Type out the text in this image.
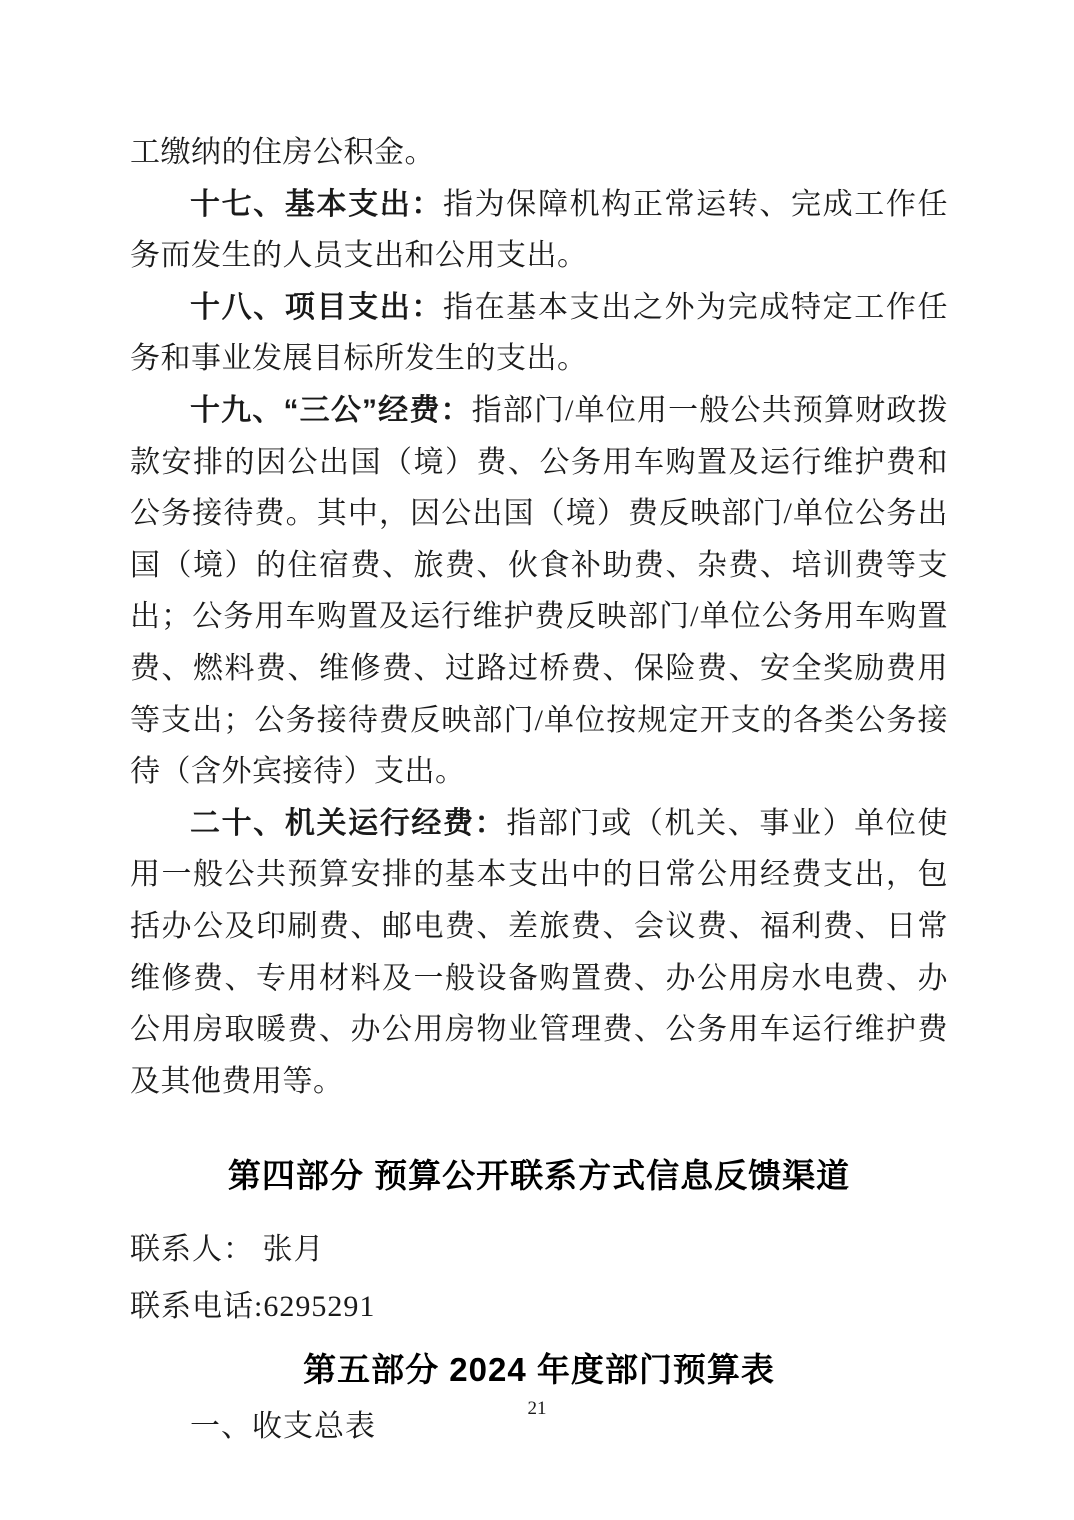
工缴纳的住房公积金。

十七、基本支出：指为保障机构正常运转、完成工作任务而发生的人员支出和公用支出。

十八、项目支出：指在基本支出之外为完成特定工作任务和事业发展目标所发生的支出。

十九、“三公”经费：指部门/单位用一般公共预算财政拨款安排的因公出国（境）费、公务用车购置及运行维护费和公务接待费。其中，因公出国（境）费反映部门/单位公务出国（境）的住宿费、旅费、伙食补助费、杂费、培训费等支出；公务用车购置及运行维护费反映部门/单位公务用车购置费、燃料费、维修费、过路过桥费、保险费、安全奖励费用等支出；公务接待费反映部门/单位按规定开支的各类公务接待（含外宾接待）支出。

二十、机关运行经费：指部门或（机关、事业）单位使用一般公共预算安排的基本支出中的日常公用经费支出，包括办公及印刷费、邮电费、差旅费、会议费、福利费、日常维修费、专用材料及一般设备购置费、办公用房水电费、办公用房取暖费、办公用房物业管理费、公务用车运行维护费及其他费用等。

第四部分 预算公开联系方式信息反馈渠道

联系人： 张月

联系电话:6295291

第五部分 2024 年度部门预算表

一、收支总表

21
